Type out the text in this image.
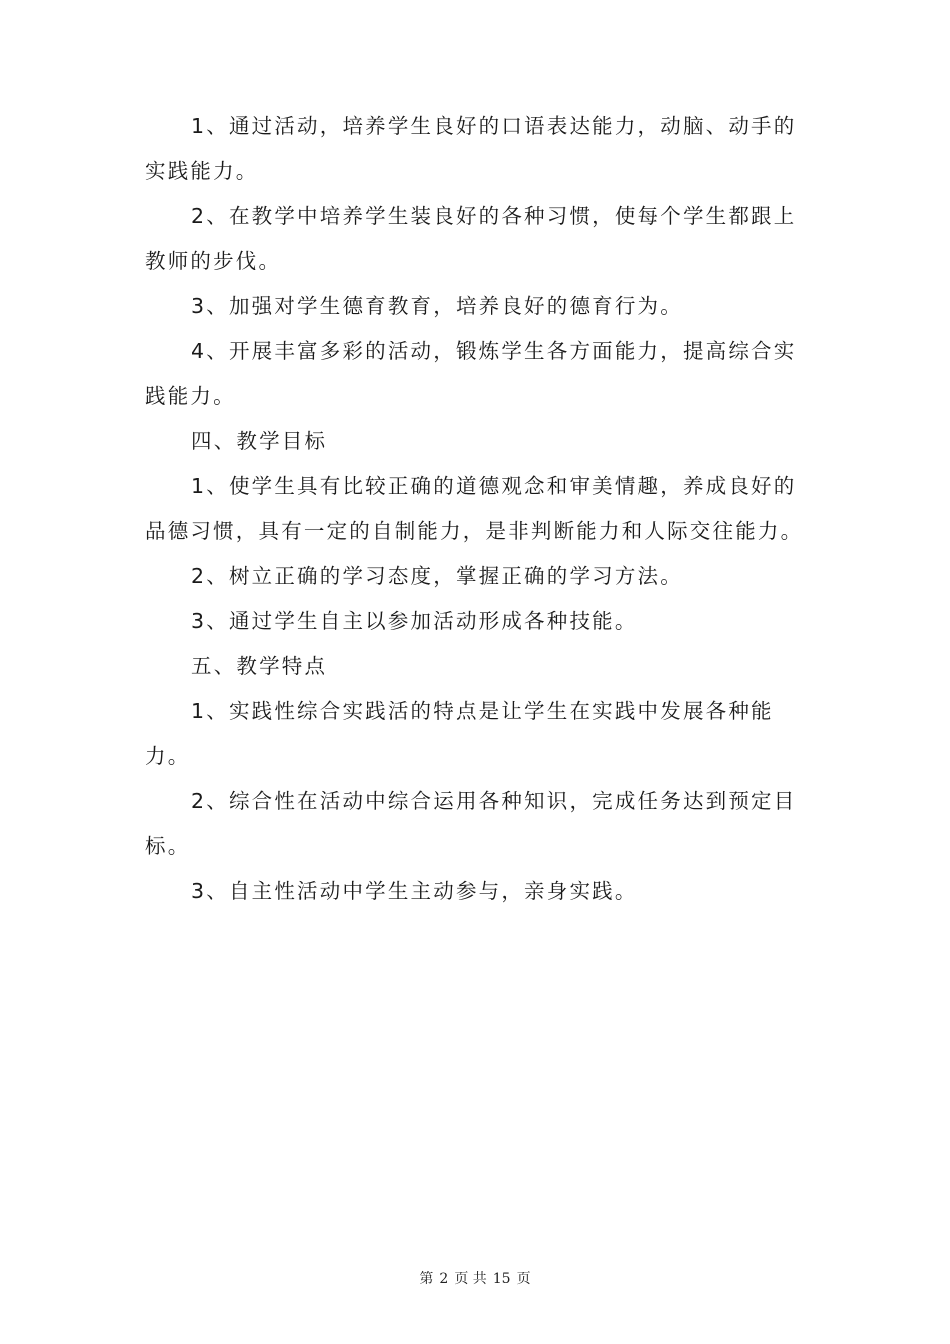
1、通过活动，培养学生良好的口语表达能力，动脑、动手的实践能力。

2、在教学中培养学生装良好的各种习惯，使每个学生都跟上教师的步伐。

3、加强对学生德育教育，培养良好的德育行为。

4、开展丰富多彩的活动，锻炼学生各方面能力，提高综合实践能力。

四、教学目标

1、使学生具有比较正确的道德观念和审美情趣，养成良好的品德习惯，具有一定的自制能力，是非判断能力和人际交往能力。

2、树立正确的学习态度，掌握正确的学习方法。

3、通过学生自主以参加活动形成各种技能。

五、教学特点

1、实践性综合实践活的特点是让学生在实践中发展各种能力。

2、综合性在活动中综合运用各种知识，完成任务达到预定目标。

3、自主性活动中学生主动参与，亲身实践。

第 2 页 共 15 页
